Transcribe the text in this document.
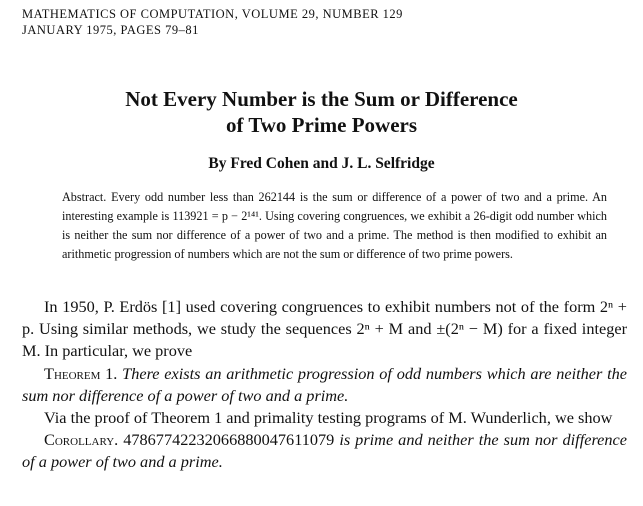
MATHEMATICS OF COMPUTATION, VOLUME 29, NUMBER 129
JANUARY 1975, PAGES 79–81
Not Every Number is the Sum or Difference
of Two Prime Powers
By Fred Cohen and J. L. Selfridge
Abstract. Every odd number less than 262144 is the sum or difference of a power of two and a prime. An interesting example is 113921 = p − 2¹⁴¹. Using covering congruences, we exhibit a 26-digit odd number which is neither the sum nor difference of a power of two and a prime. The method is then modified to exhibit an arithmetic progression of numbers which are not the sum or difference of two prime powers.

In 1950, P. Erdös [1] used covering congruences to exhibit numbers not of the form 2ⁿ + p. Using similar methods, we study the sequences 2ⁿ + M and ±(2ⁿ − M) for a fixed integer M. In particular, we prove

Theorem 1. There exists an arithmetic progression of odd numbers which are neither the sum nor difference of a power of two and a prime.

Via the proof of Theorem 1 and primality testing programs of M. Wunderlich, we show

Corollary. 47867742232066880047611079 is prime and neither the sum nor difference of a power of two and a prime.
